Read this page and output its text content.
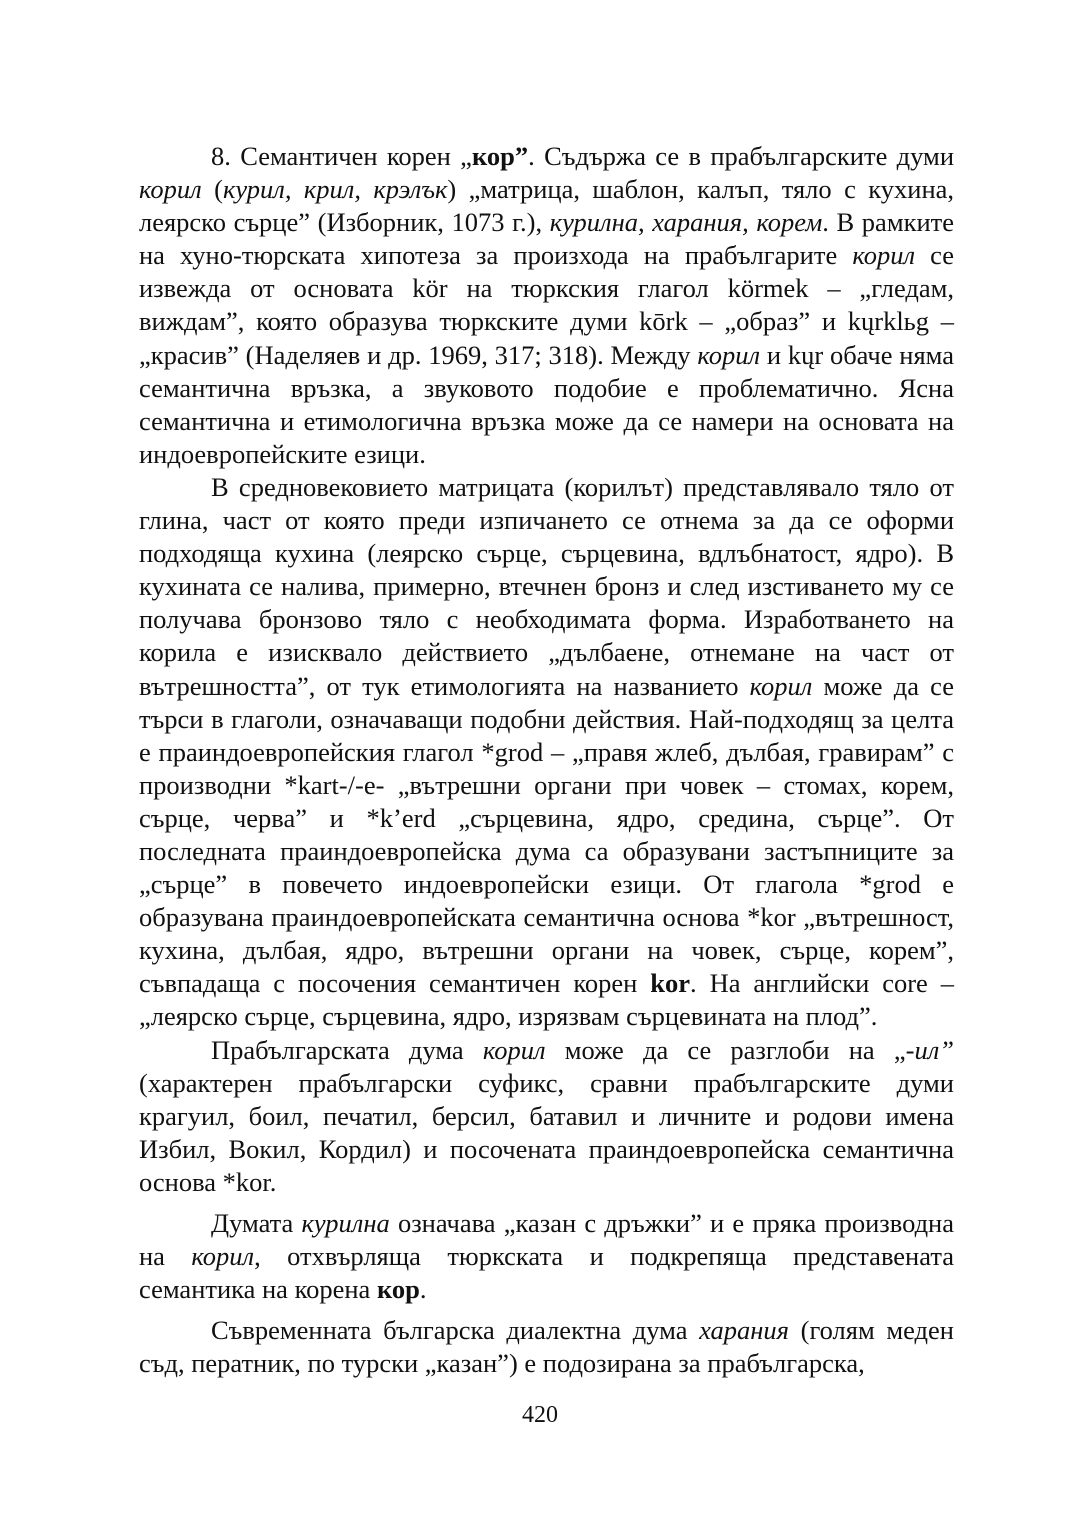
8. Семантичен корен „кор”. Съдържа се в прабългарските думи корил (курил, крил, крэлък) „матрица, шаблон, калъп, тяло с кухина, леярско сърце” (Изборник, 1073 г.), курилна, харания, корем. В рамките на хуно-тюрската хипотеза за произхода на прабългарите корил се извежда от основата kör на тюркския глагол körmek – „гледам, виждам”, която образува тюркските думи kōrk – „образ” и kųrklьg – „красив” (Наделяев и др. 1969, 317; 318). Между корил и kųr обаче няма семантична връзка, а звуковото подобие е проблематично. Ясна семантична и етимологична връзка може да се намери на основата на индоевропейските езици.

В средновековието матрицата (корилът) представлявало тяло от глина, част от която преди изпичането се отнема за да се оформи подходяща кухина (леярско сърце, сърцевина, вдлъбнатост, ядро). В кухината се налива, примерно, втечнен бронз и след изстиването му се получава бронзово тяло с необходимата форма. Изработването на корила е изисквало действието „дълбаене, отнемане на част от вътрешността”, от тук етимологията на названието корил може да се търси в глаголи, означаващи подобни действия. Най-подходящ за целта е праиндоевропейския глагол *grod – „правя жлеб, дълбая, гравирам” с производни *kart-/-e- „вътрешни органи при човек – стомах, корем, сърце, черва” и *k’erd „сърцевина, ядро, средина, сърце”. От последната праиндоевропейска дума са образувани застъпниците за „сърце” в повечето индоевропейски езици. От глагола *grod е образувана праиндоевропейската семантична основа *kor „вътрешност, кухина, дълбая, ядро, вътрешни органи на човек, сърце, корем”, съвпадаща с посочения семантичен корен kor. На английски core – „леярско сърце, сърцевина, ядро, изрязвам сърцевината на плод”.

Прабългарската дума корил може да се разглоби на „-ил” (характерен прабългарски суфикс, сравни прабългарските думи крагуил, боил, печатил, берсил, батавил и личните и родови имена Избил, Вокил, Кордил) и посочената праиндоевропейска семантична основа *kor.

Думата курилна означава „казан с дръжки” и е пряка производна на корил, отхвърляща тюркската и подкрепяща представената семантика на корена кор.

Съвременната българска диалектна дума харания (голям меден съд, пeратник, по турски „казан”) е подозирана за прабългарска,

420
